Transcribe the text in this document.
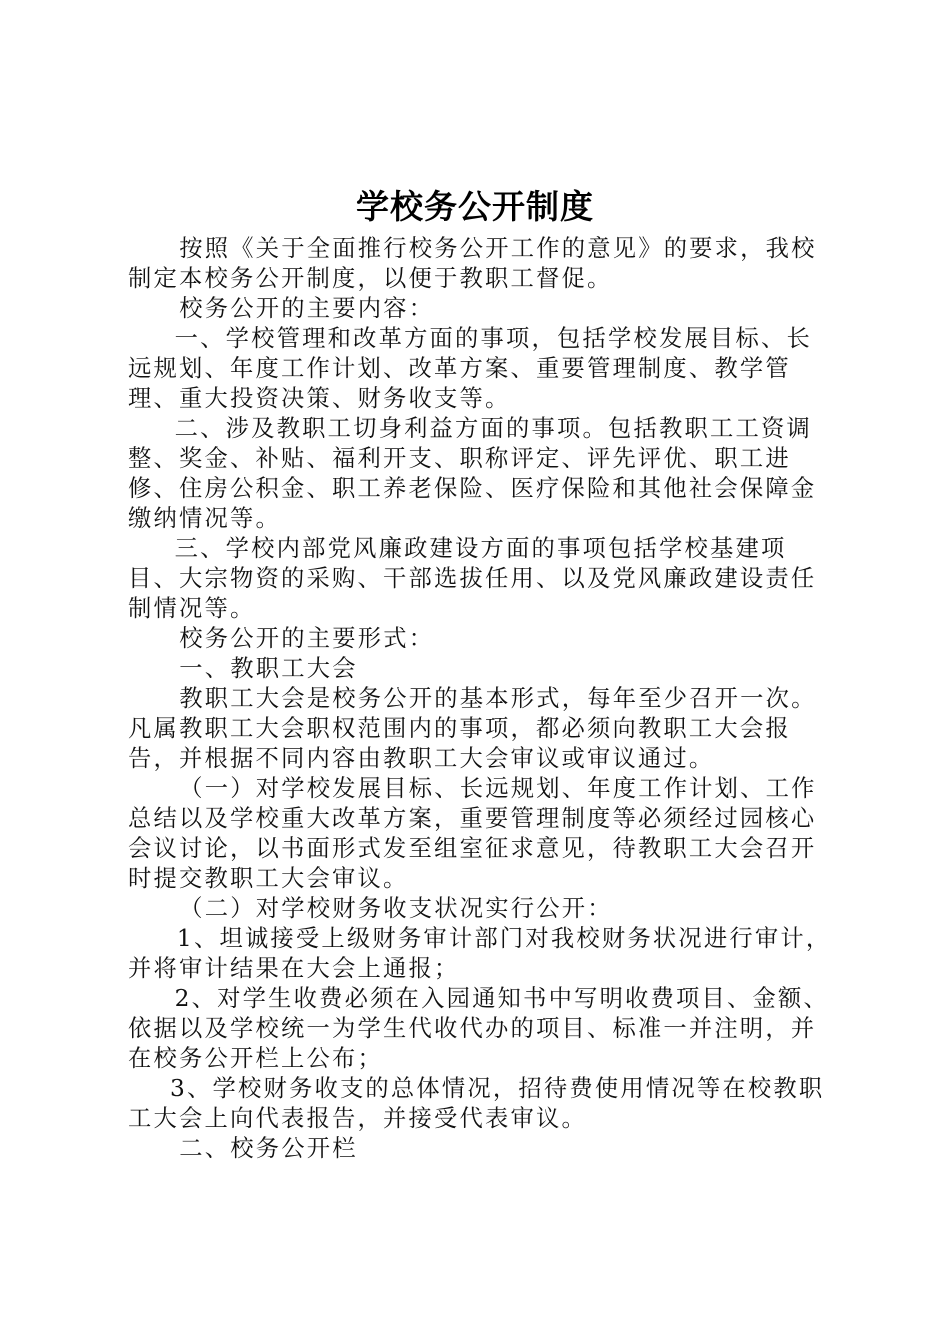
学校务公开制度

按照《关于全面推行校务公开工作的意见》的要求，我校制定本校务公开制度，以便于教职工督促。

校务公开的主要内容：

一、学校管理和改革方面的事项，包括学校发展目标、长远规划、年度工作计划、改革方案、重要管理制度、教学管理、重大投资决策、财务收支等。

二、涉及教职工切身利益方面的事项。包括教职工工资调整、奖金、补贴、福利开支、职称评定、评先评优、职工进修、住房公积金、职工养老保险、医疗保险和其他社会保障金缴纳情况等。

三、学校内部党风廉政建设方面的事项包括学校基建项目、大宗物资的采购、干部选拔任用、以及党风廉政建设责任制情况等。

校务公开的主要形式：

一、教职工大会

教职工大会是校务公开的基本形式，每年至少召开一次。凡属教职工大会职权范围内的事项，都必须向教职工大会报告，并根据不同内容由教职工大会审议或审议通过。

（一）对学校发展目标、长远规划、年度工作计划、工作总结以及学校重大改革方案，重要管理制度等必须经过园核心会议讨论，以书面形式发至组室征求意见，待教职工大会召开时提交教职工大会审议。

（二）对学校财务收支状况实行公开：

1、坦诚接受上级财务审计部门对我校财务状况进行审计，并将审计结果在大会上通报；

2、对学生收费必须在入园通知书中写明收费项目、金额、依据以及学校统一为学生代收代办的项目、标准一并注明，并在校务公开栏上公布；

3、学校财务收支的总体情况，招待费使用情况等在校教职工大会上向代表报告，并接受代表审议。

二、校务公开栏
